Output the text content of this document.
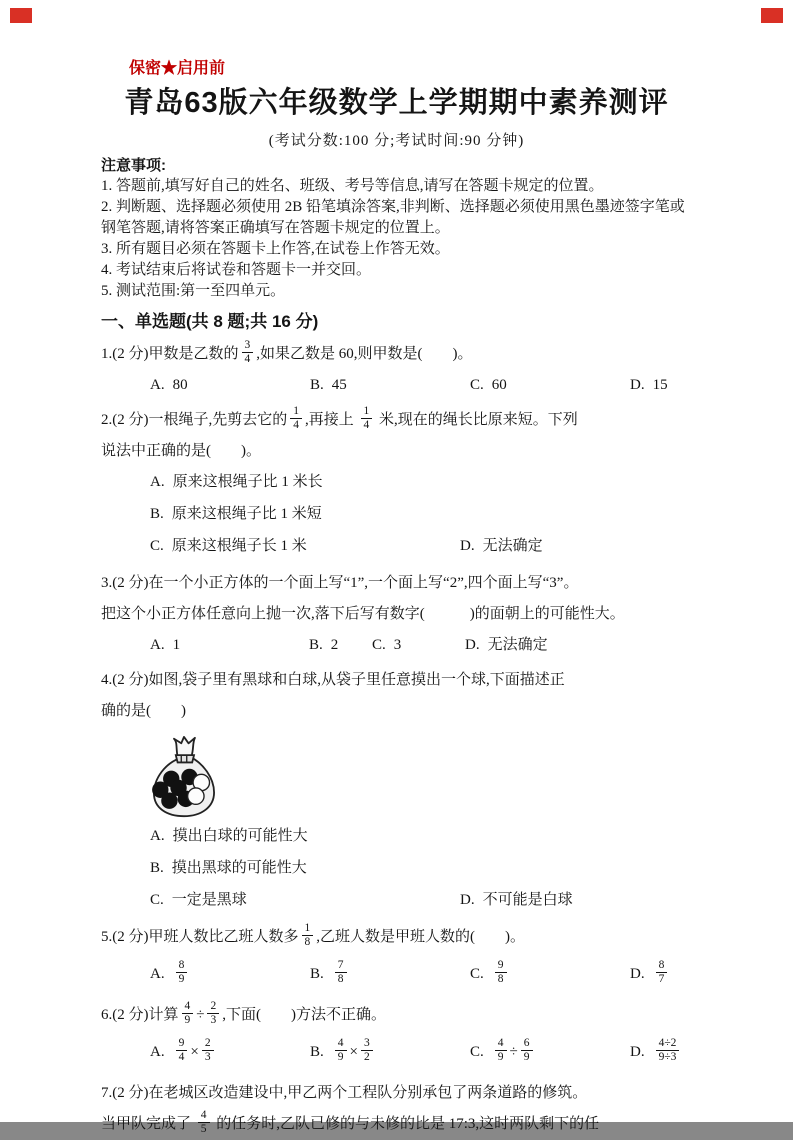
保密★启用前
青岛63版六年级数学上学期期中素养测评
(考试分数:100 分;考试时间:90 分钟)
注意事项:
1. 答题前,填写好自己的姓名、班级、考号等信息,请写在答题卡规定的位置。
2. 判断题、选择题必须使用 2B 铅笔填涂答案,非判断、选择题必须使用黑色墨迹签字笔或
钢笔答题,请将答案正确填写在答题卡规定的位置上。
3. 所有题目必须在答题卡上作答,在试卷上作答无效。
4. 考试结束后将试卷和答题卡一并交回。
5. 测试范围:第一至四单元。
一、单选题(共 8 题;共 16 分)
1.(2 分)甲数是乙数的 $\frac{3}{4}$ ,如果乙数是 60,则甲数是(　　)。
A. 80	B. 45	C. 60	D. 15
2.(2 分)一根绳子,先剪去它的 $\frac{1}{4}$ ,再接上 $\frac{1}{4}$ 米,现在的绳长比原来短。下列
说法中正确的是(　　)。
A. 原来这根绳子比 1 米长
B. 原来这根绳子比 1 米短
C. 原来这根绳子长 1 米	D. 无法确定
3.(2 分)在一个小正方体的一个面上写“1”,一个面上写“2”,四个面上写“3”。
把这个小正方体任意向上抛一次,落下后写有数字(　　　)的面朝上的可能性大。
A. 1	B. 2	C. 3	D. 无法确定
4.(2 分)如图,袋子里有黑球和白球,从袋子里任意摸出一个球,下面描述正
确的是(　　)
A. 摸出白球的可能性大
B. 摸出黑球的可能性大
C. 一定是黑球	D. 不可能是白球
5.(2 分)甲班人数比乙班人数多 $\frac{1}{8}$ ,乙班人数是甲班人数的(　　)。
A. $\frac{8}{9}$	B. $\frac{7}{8}$	C. $\frac{9}{8}$	D. $\frac{8}{7}$
6.(2 分)计算 $\frac{4}{9} \div \frac{2}{3}$ ,下面(　　)方法不正确。
A. $\frac{9}{4} \times \frac{2}{3}$	B. $\frac{4}{9} \times \frac{3}{2}$	C. $\frac{4}{9} \div \frac{6}{9}$	D. $\frac{4\div 2}{9\div 3}$
7.(2 分)在老城区改造建设中,甲乙两个工程队分别承包了两条道路的修筑。
当甲队完成了 $\frac{4}{5}$ 的任务时,乙队已修的与未修的比是 17:3,这时两队剩下的任
